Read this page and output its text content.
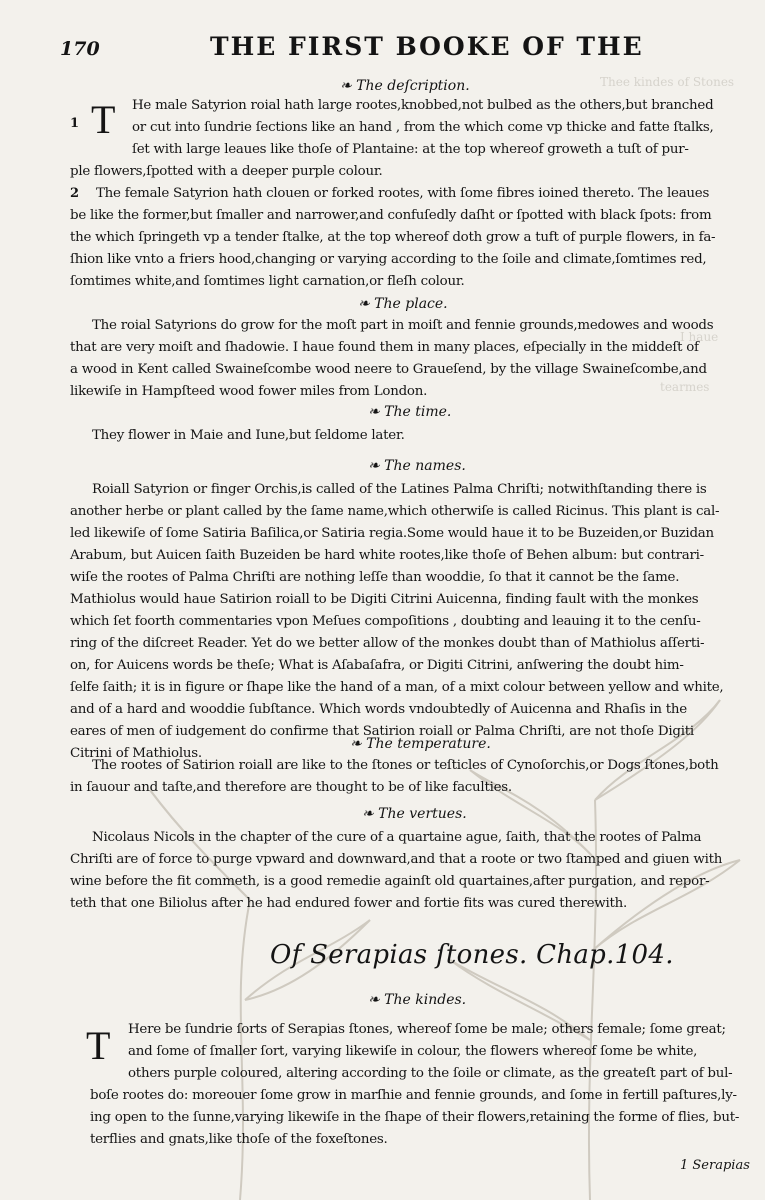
Thee kindes of Stones
I haue
tearmes
170	THE FIRST BOOKE OF THE
❧ The deſcription.
1 T He male Satyrion roial hath large rootes,knobbed,not bulbed as the others,but branched
or cut into ſundrie ſections like an hand , from the which come vp thicke and fatte ſtalks,
ſet with large leaues like thoſe of Plantaine: at the top whereof groweth a tuſt of pur-
ple flowers,ſpotted with a deeper purple colour.
2 The female Satyrion hath clouen or forked rootes, with ſome fibres ioined thereto. The leaues
be like the former,but ſmaller and narrower,and confuſedly daſht or ſpotted with black ſpots: from
the which ſpringeth vp a tender ſtalke, at the top whereof doth grow a tuft of purple flowers, in fa-
ſhion like vnto a friers hood,changing or varying according to the ſoile and climate,ſomtimes red,
ſomtimes white,and ſomtimes light carnation,or fleſh colour.
❧ The place.
The roial Satyrions do grow for the moſt part in moiſt and fennie grounds,medowes and woods
that are very moiſt and ſhadowie. I haue found them in many places, eſpecially in the middeſt of
a wood in Kent called Swaineſcombe wood neere to Graueſend, by the village Swaineſcombe,and
likewiſe in Hampſteed wood fower miles from London.
❧ The time.
They flower in Maie and Iune,but ſeldome later.
❧ The names.
Roiall Satyrion or finger Orchis,is called of the Latines Palma Chriſti; notwithſtanding there is
another herbe or plant called by the ſame name,which otherwiſe is called Ricinus. This plant is cal-
led likewiſe of ſome Satiria Baſilica,or Satiria regia.Some would haue it to be Buzeiden,or Buzidan
Arabum, but Auicen ſaith Buzeiden be hard white rootes,like thoſe of Behen album: but contrari-
wiſe the rootes of Palma Chriſti are nothing leſſe than wooddie, ſo that it cannot be the ſame.
Mathiolus would haue Satirion roiall to be Digiti Citrini Auicenna, finding fault with the monkes
which ſet foorth commentaries vpon Meſues compoſitions , doubting and leauing it to the cenſu-
ring of the diſcreet Reader. Yet do we better allow of the monkes doubt than of Mathiolus aſſerti-
on, for Auicens words be theſe; What is Aſabaſafra, or Digiti Citrini, anſwering the doubt him-
ſelfe ſaith; it is in figure or ſhape like the hand of a man, of a mixt colour between yellow and white,
and of a hard and wooddie ſubſtance. Which words vndoubtedly of Auicenna and Rhaſis in the
eares of men of iudgement do confirme that Satirion roiall or Palma Chriſti, are not thoſe Digiti
Citrini of Mathiolus.
❧ The temperature.
The rootes of Satirion roiall are like to the ſtones or teſticles of Cynoſorchis,or Dogs ſtones,both
in ſauour and taſte,and therefore are thought to be of like faculties.
❧ The vertues.
Nicolaus Nicols in the chapter of the cure of a quartaine ague, ſaith, that the rootes of Palma
Chriſti are of force to purge vpward and downward,and that a roote or two ſtamped and giuen with
wine before the fit commeth, is a good remedie againſt old quartaines,after purgation, and repor-
teth that one Biliolus after he had endured fower and fortie fits was cured therewith.
Of Serapias ſtones. Chap.104.
❧ The kindes.
T Here be ſundrie ſorts of Serapias ſtones, whereof ſome be male; others female; ſome great;
and ſome of ſmaller ſort, varying likewiſe in colour, the flowers whereof ſome be white,
others purple coloured, altering according to the ſoile or climate, as the greateſt part of bul-
boſe rootes do: moreouer ſome grow in marſhie and fennie grounds, and ſome in fertill paſtures,ly-
ing open to the ſunne,varying likewiſe in the ſhape of their flowers,retaining the forme of flies, but-
terflies and gnats,like thoſe of the foxeſtones.
1 Serapias
